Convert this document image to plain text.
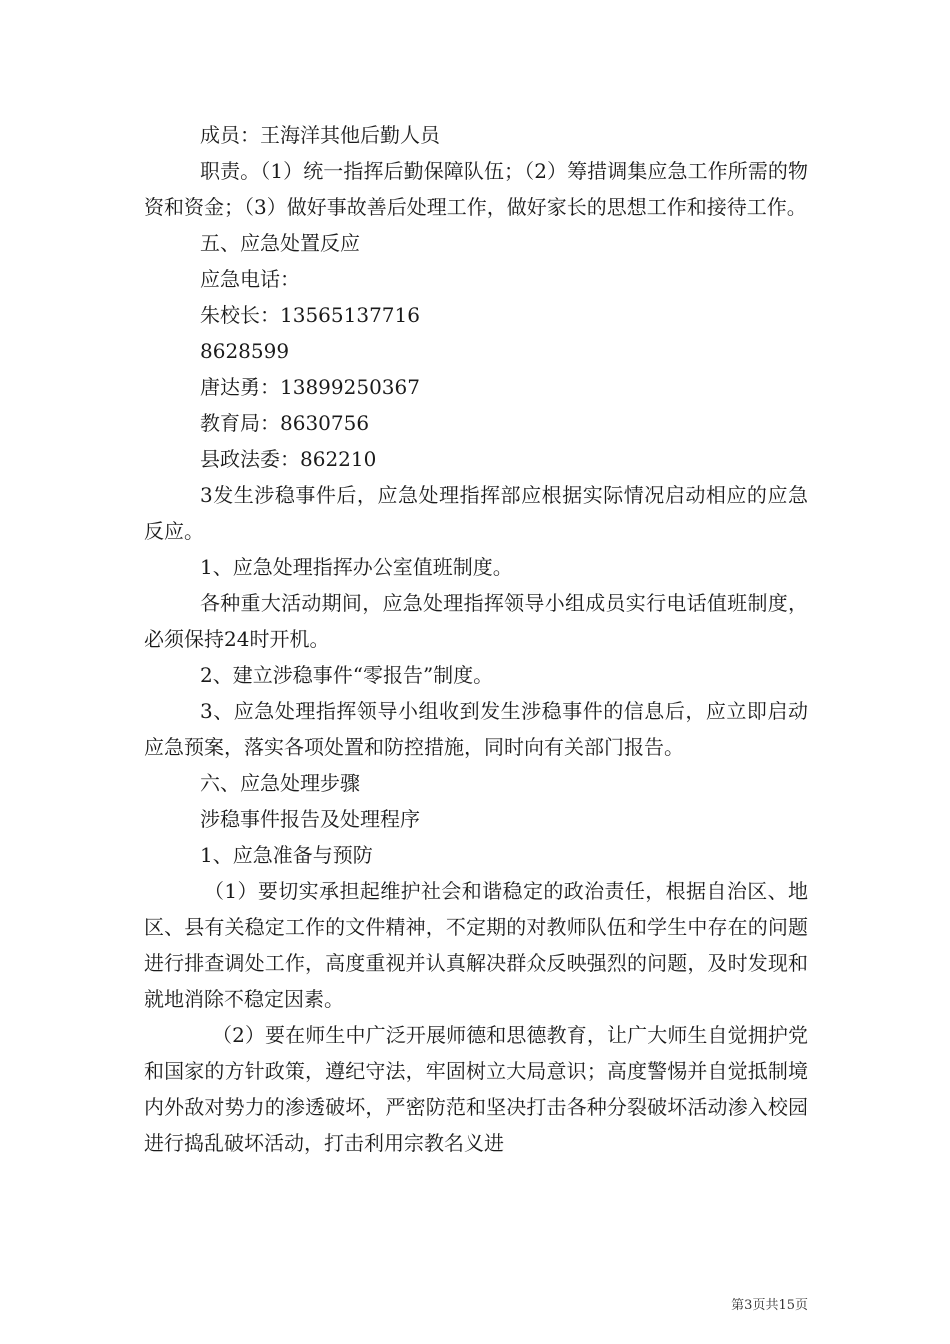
成员：王海洋其他后勤人员

职责。（1）统一指挥后勤保障队伍；（2）筹措调集应急工作所需的物资和资金；（3）做好事故善后处理工作，做好家长的思想工作和接待工作。

五、应急处置反应

应急电话：

朱校长：13565137716

8628599

唐达勇：13899250367

教育局：8630756

县政法委：862210

3发生涉稳事件后，应急处理指挥部应根据实际情况启动相应的应急反应。

1、应急处理指挥办公室值班制度。

各种重大活动期间，应急处理指挥领导小组成员实行电话值班制度，必须保持24时开机。

2、建立涉稳事件“零报告”制度。

3、应急处理指挥领导小组收到发生涉稳事件的信息后，应立即启动应急预案，落实各项处置和防控措施，同时向有关部门报告。

六、应急处理步骤

涉稳事件报告及处理程序

1、应急准备与预防

（1）要切实承担起维护社会和谐稳定的政治责任，根据自治区、地区、县有关稳定工作的文件精神，不定期的对教师队伍和学生中存在的问题进行排查调处工作，高度重视并认真解决群众反映强烈的问题，及时发现和就地消除不稳定因素。

（2）要在师生中广泛开展师德和思德教育，让广大师生自觉拥护党和国家的方针政策，遵纪守法，牢固树立大局意识；高度警惕并自觉抵制境内外敌对势力的渗透破坏，严密防范和坚决打击各种分裂破坏活动渗入校园进行捣乱破坏活动，打击利用宗教名义进

第3页共15页
